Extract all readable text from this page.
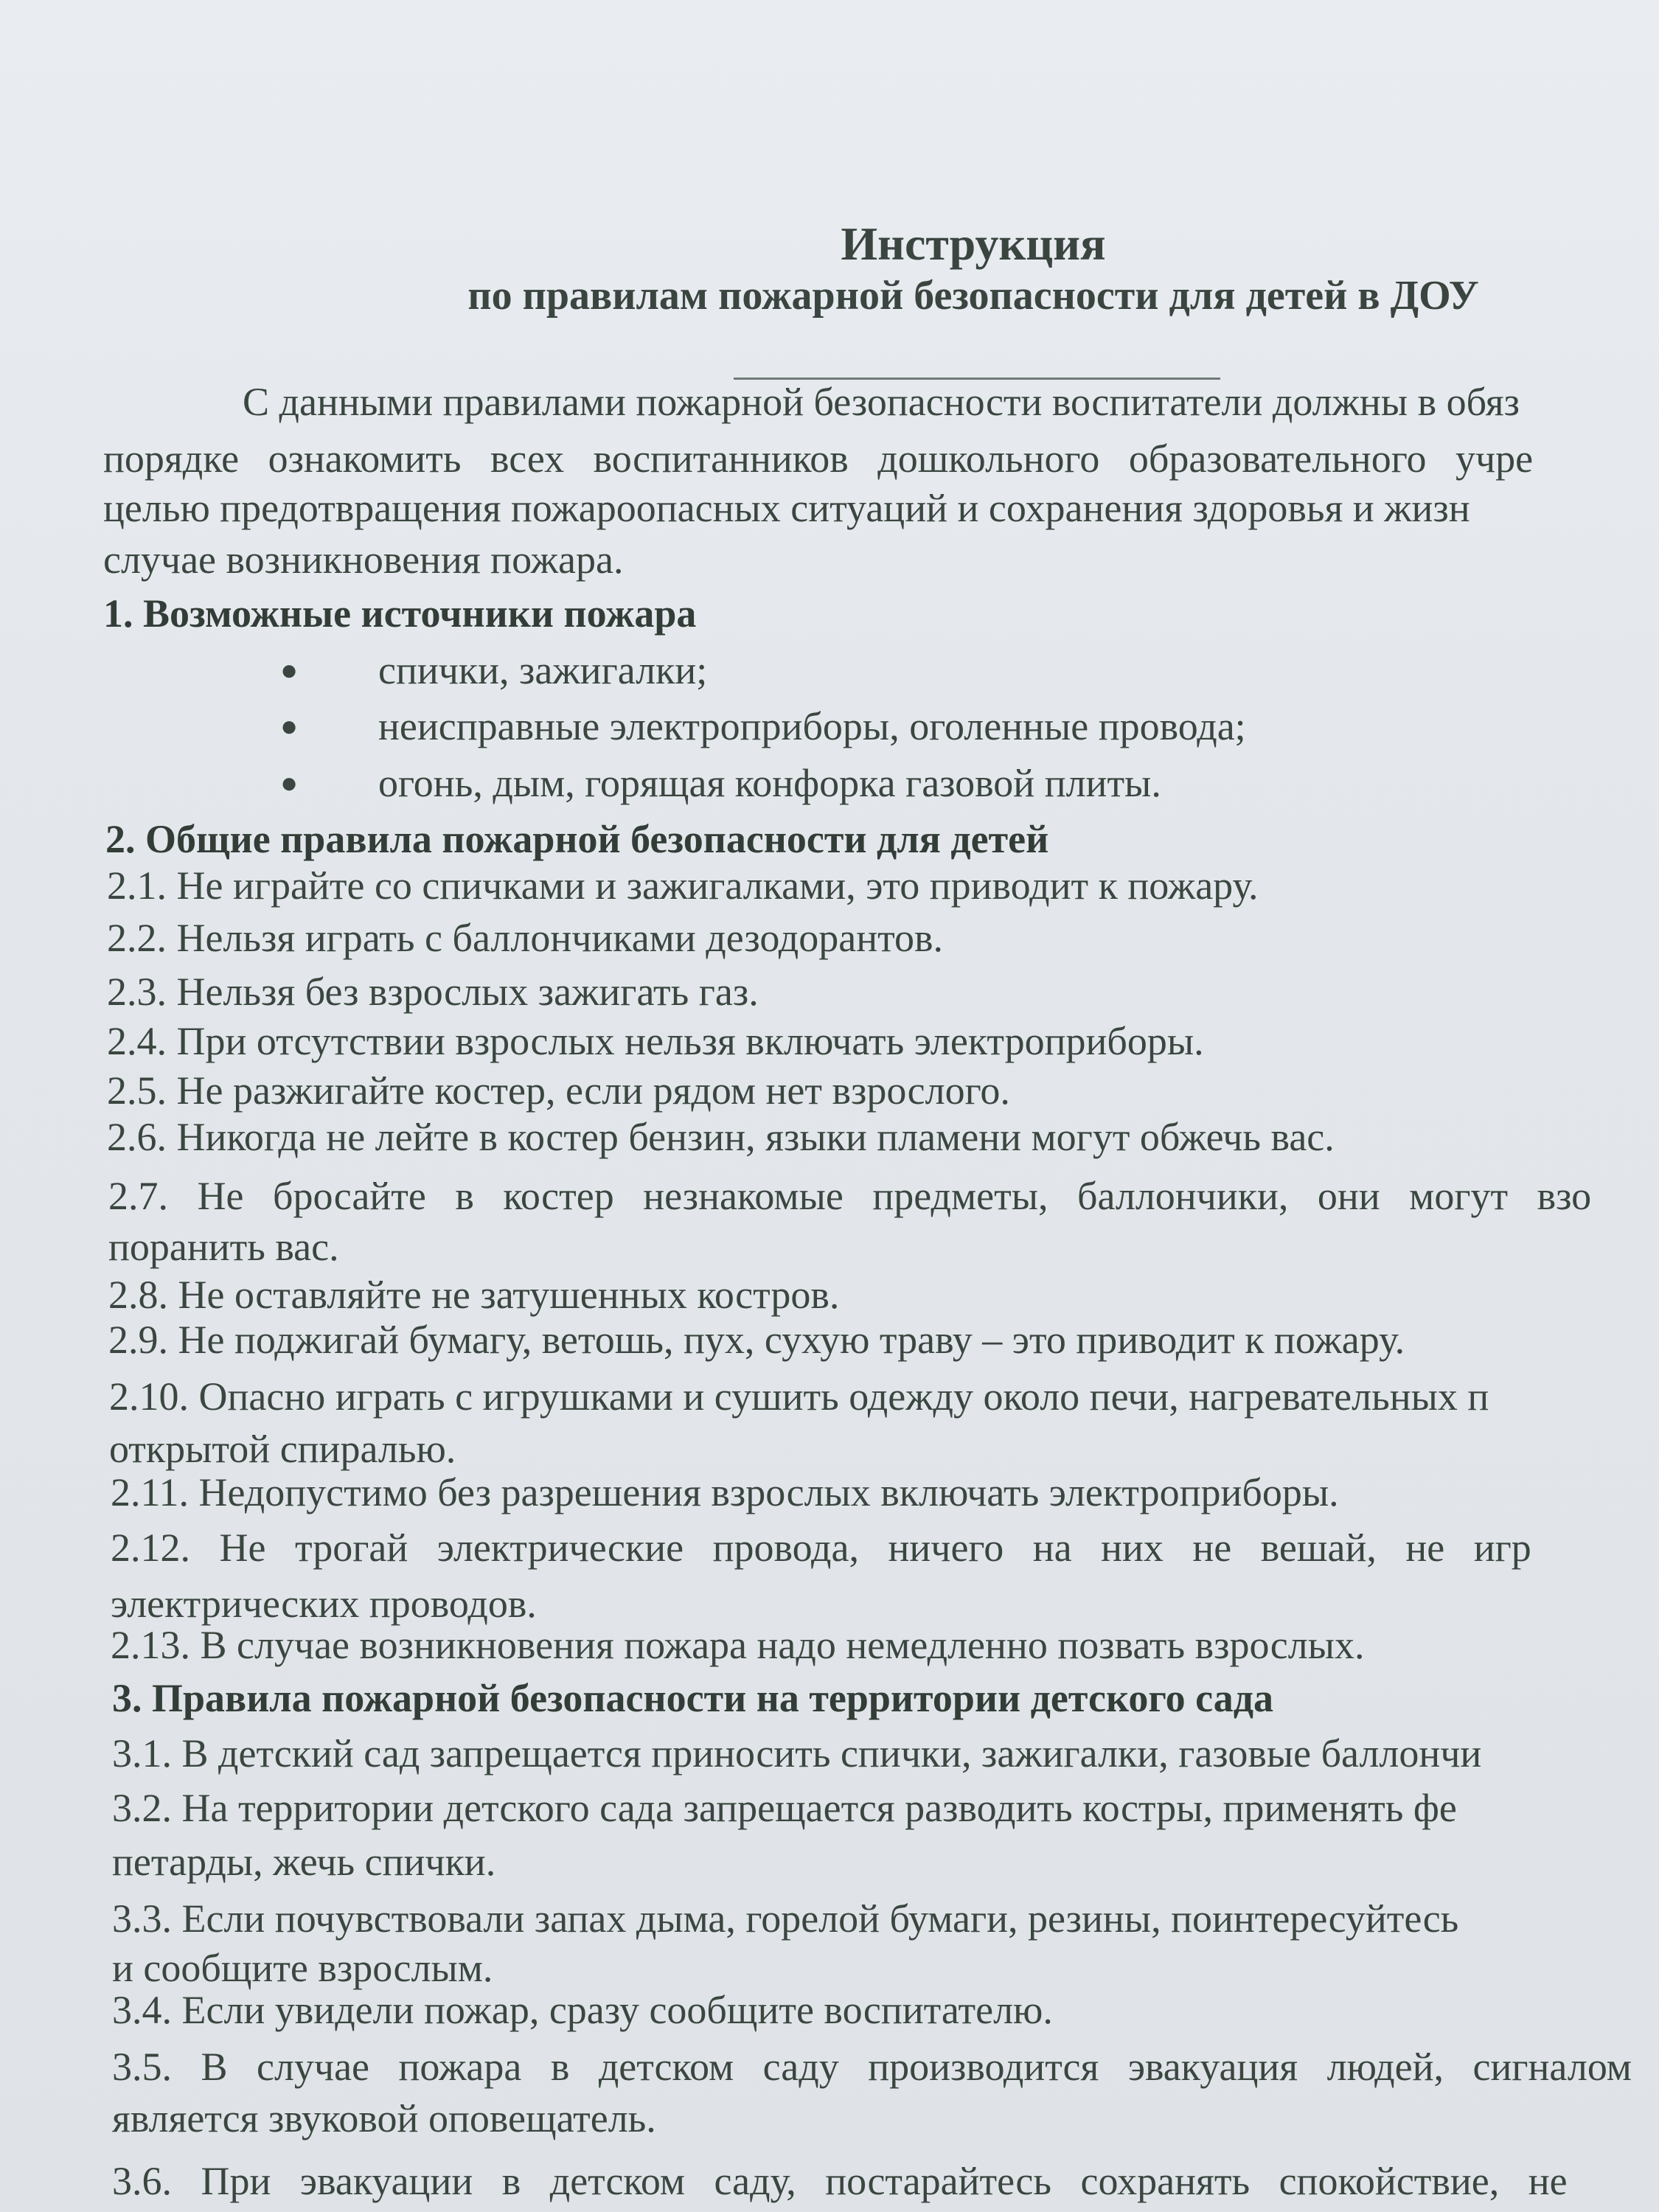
Инструкция
по правилам пожарной безопасности для детей в ДОУ
С данными правилами пожарной безопасности воспитатели должны в обяз
порядке ознакомить всех воспитанников дошкольного образовательного учре
целью предотвращения пожароопасных ситуаций и сохранения здоровья и жизн
случае возникновения пожара.
1. Возможные источники пожара
● спички, зажигалки;
● неисправные электроприборы, оголенные провода;
● огонь, дым, горящая конфорка газовой плиты.
2. Общие правила пожарной безопасности для детей
2.1. Не играйте со спичками и зажигалками, это приводит к пожару.
2.2. Нельзя играть с баллончиками дезодорантов.
2.3. Нельзя без взрослых зажигать газ.
2.4. При отсутствии взрослых нельзя включать электроприборы.
2.5. Не разжигайте костер, если рядом нет взрослого.
2.6. Никогда не лейте в костер бензин, языки пламени могут обжечь вас.
2.7. Не бросайте в костер незнакомые предметы, баллончики, они могут взо
поранить вас.
2.8. Не оставляйте не затушенных костров.
2.9. Не поджигай бумагу, ветошь, пух, сухую траву – это приводит к пожару.
2.10. Опасно играть с игрушками и сушить одежду около печи, нагревательных п
открытой спиралью.
2.11. Недопустимо без разрешения взрослых включать электроприборы.
2.12. Не трогай электрические провода, ничего на них не вешай, не игр
электрических проводов.
2.13. В случае возникновения пожара надо немедленно позвать взрослых.
3. Правила пожарной безопасности на территории детского сада
3.1. В детский сад запрещается приносить спички, зажигалки, газовые баллончи
3.2. На территории детского сада запрещается разводить костры, применять фе
петарды, жечь спички.
3.3. Если почувствовали запах дыма, горелой бумаги, резины, поинтересуйтесь
и сообщите взрослым.
3.4. Если увидели пожар, сразу сообщите воспитателю.
3.5. В случае пожара в детском саду производится эвакуация людей, сигналом
является звуковой оповещатель.
3.6. При эвакуации в детском саду, постарайтесь сохранять спокойствие, не
